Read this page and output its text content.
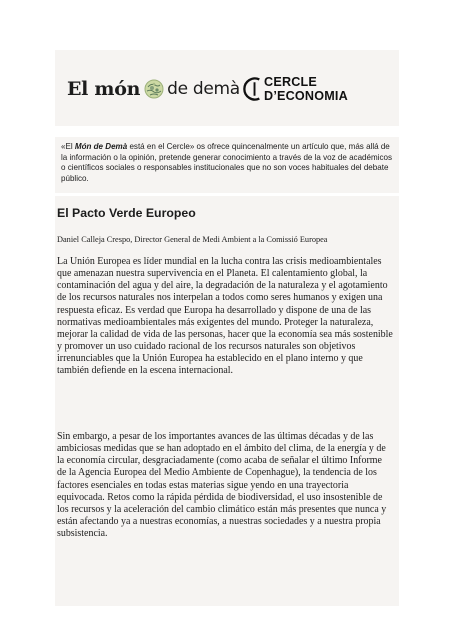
El món de demà CERCLE D’ECONOMIA

«El Món de Demà está en el Cercle» os ofrece quincenalmente un artículo que, más allá de la información o la opinión, pretende generar conocimiento a través de la voz de académicos o científicos sociales o responsables institucionales que no son voces habituales del debate público.

El Pacto Verde Europeo

Daniel Calleja Crespo, Director General de Medi Ambient a la Comissió Europea

La Unión Europea es líder mundial en la lucha contra las crisis medioambientales que amenazan nuestra supervivencia en el Planeta. El calentamiento global, la contaminación del agua y del aire, la degradación de la naturaleza y el agotamiento de los recursos naturales nos interpelan a todos como seres humanos y exigen una respuesta eficaz. Es verdad que Europa ha desarrollado y dispone de una de las normativas medioambientales más exigentes del mundo. Proteger la naturaleza, mejorar la calidad de vida de las personas, hacer que la economía sea más sostenible y promover un uso cuidado racional de los recursos naturales son objetivos irrenunciables que la Unión Europea ha establecido en el plano interno y que también defiende en la escena internacional.

Sin embargo, a pesar de los importantes avances de las últimas décadas y de las ambiciosas medidas que se han adoptado en el ámbito del clima, de la energía y de la economía circular, desgraciadamente (como acaba de señalar el último Informe de la Agencia Europea del Medio Ambiente de Copenhague), la tendencia de los factores esenciales en todas estas materias sigue yendo en una trayectoria equivocada. Retos como la rápida pérdida de biodiversidad, el uso insostenible de los recursos y la aceleración del cambio climático están más presentes que nunca y están afectando ya a nuestras economías, a nuestras sociedades y a nuestra propia subsistencia.
